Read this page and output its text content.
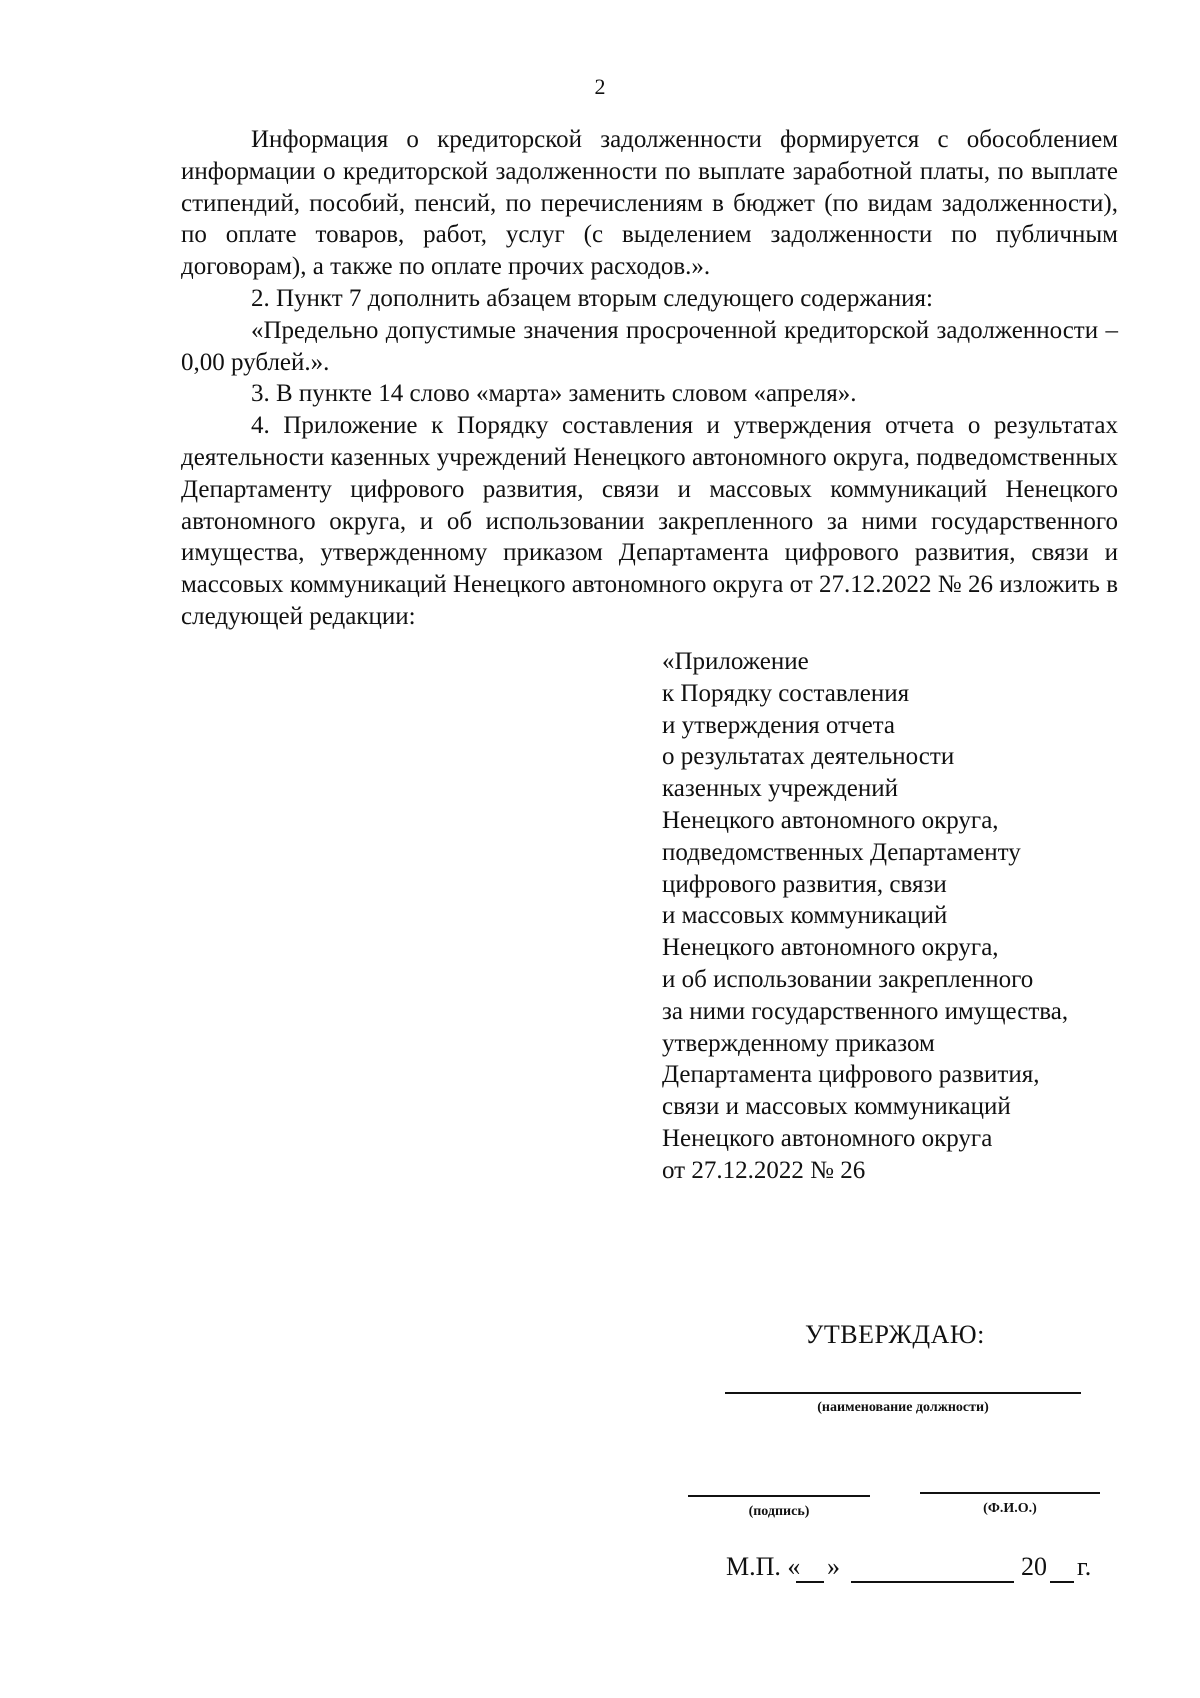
2

Информация о кредиторской задолженности формируется с обособлением информации о кредиторской задолженности по выплате заработной платы, по выплате стипендий, пособий, пенсий, по перечислениям в бюджет (по видам задолженности), по оплате товаров, работ, услуг (с выделением задолженности по публичным договорам), а также по оплате прочих расходов.».

2. Пункт 7 дополнить абзацем вторым следующего содержания:

«Предельно допустимые значения просроченной кредиторской задолженности – 0,00 рублей.».

3. В пункте 14 слово «марта» заменить словом «апреля».

4. Приложение к Порядку составления и утверждения отчета о результатах деятельности казенных учреждений Ненецкого автономного округа, подведомственных Департаменту цифрового развития, связи и массовых коммуникаций Ненецкого автономного округа, и об использовании закрепленного за ними государственного имущества, утвержденному приказом Департамента цифрового развития, связи и массовых коммуникаций Ненецкого автономного округа от 27.12.2022 № 26 изложить в следующей редакции:

«Приложение
к Порядку составления
и утверждения отчета
о результатах деятельности
казенных учреждений
Ненецкого автономного округа,
подведомственных Департаменту
цифрового развития, связи
и массовых коммуникаций
Ненецкого автономного округа,
и об использовании закрепленного
за ними государственного имущества,
утвержденному приказом
Департамента цифрового развития,
связи и массовых коммуникаций
Ненецкого автономного округа
от 27.12.2022 № 26
УТВЕРЖДАЮ:
(наименование должности)
(подпись)	(Ф.И.О.)
М.П. « »	20 г.
